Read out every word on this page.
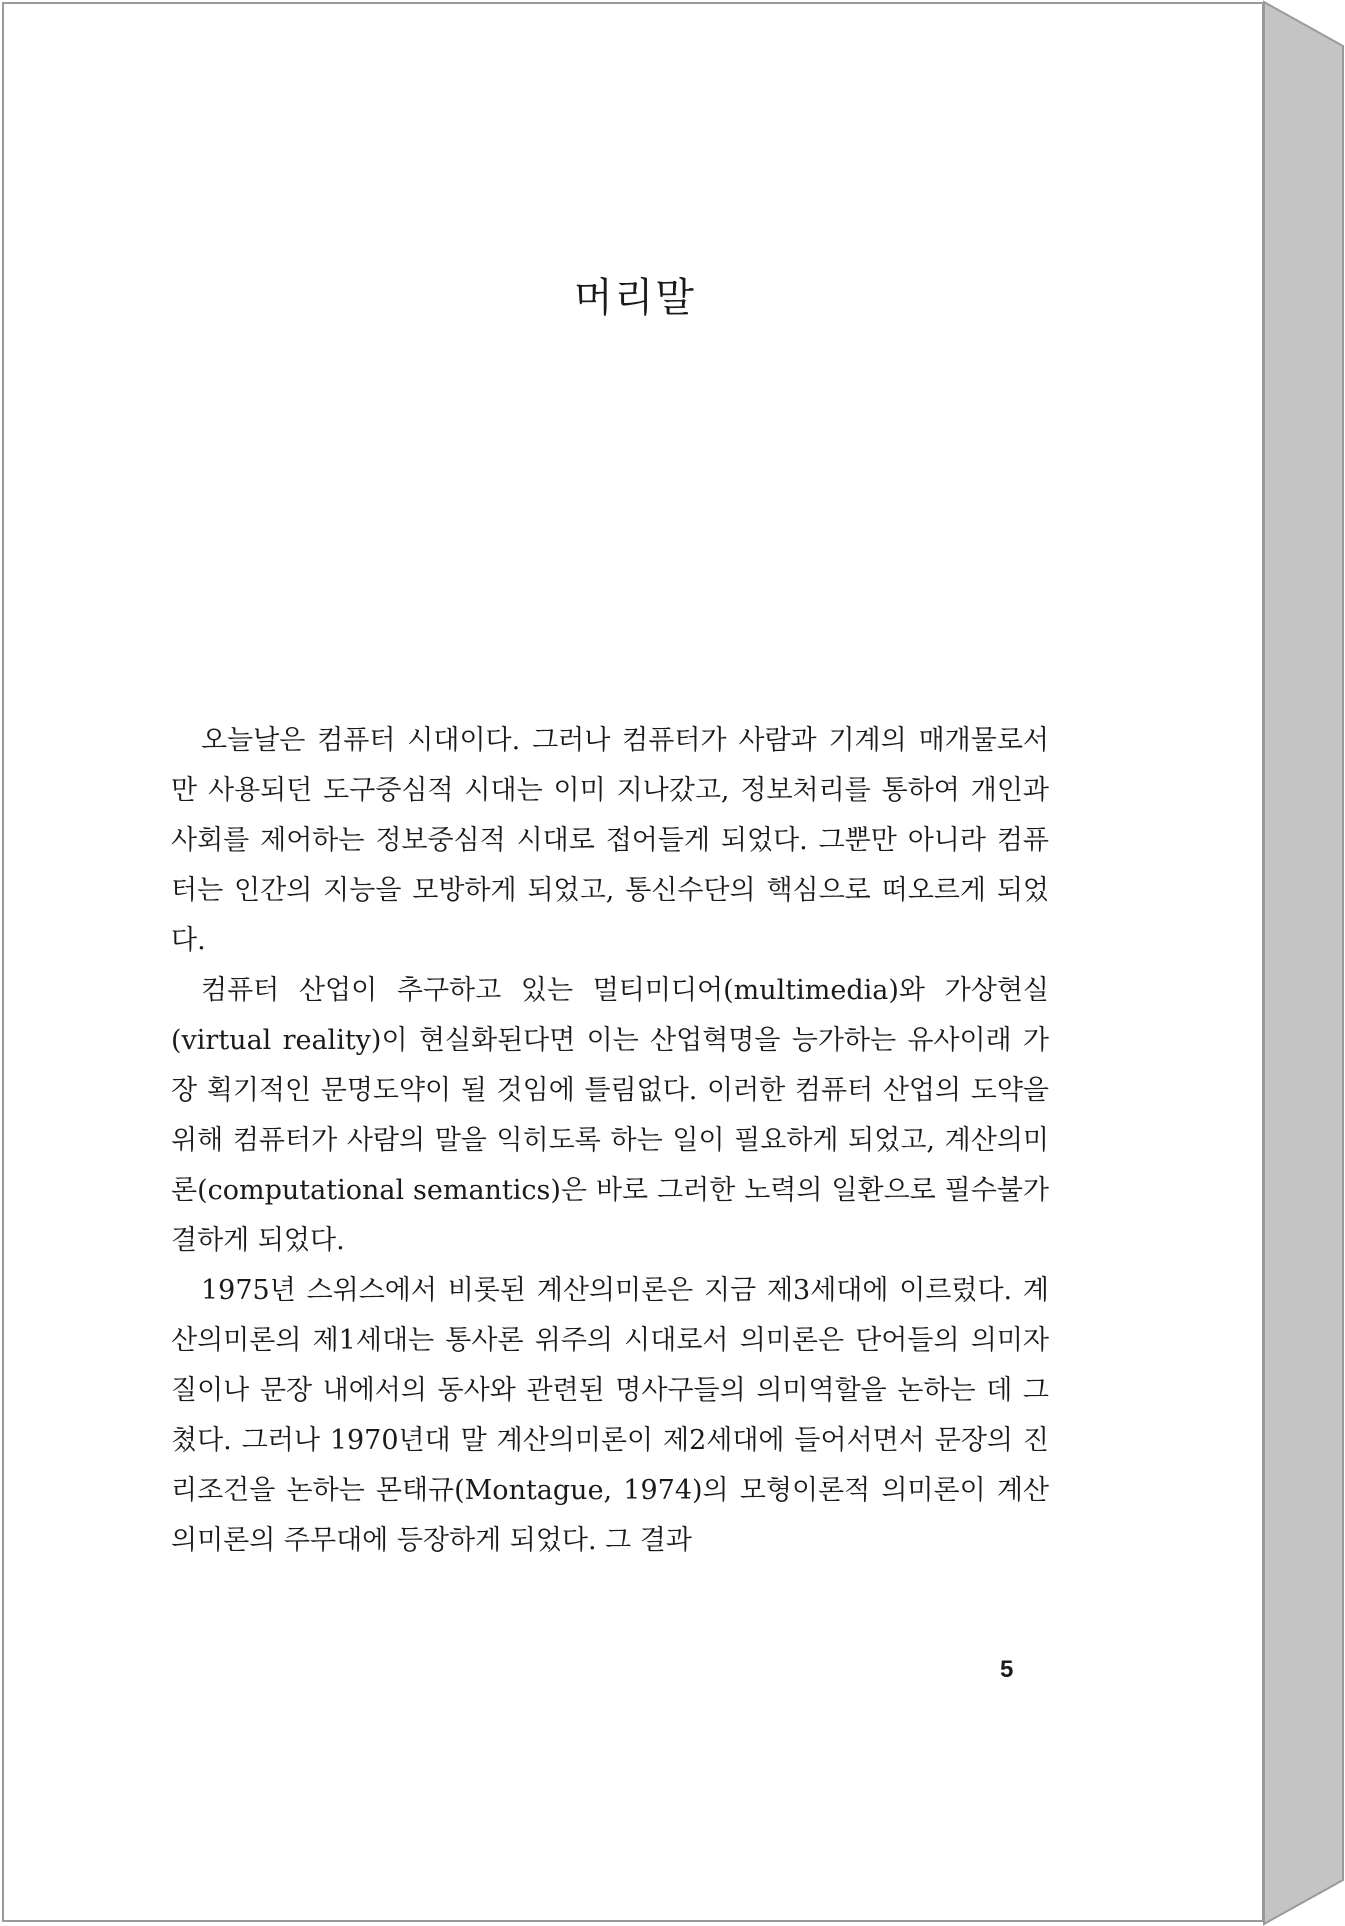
머리말

오늘날은 컴퓨터 시대이다. 그러나 컴퓨터가 사람과 기계의 매개물로서만 사용되던 도구중심적 시대는 이미 지나갔고, 정보처리를 통하여 개인과 사회를 제어하는 정보중심적 시대로 접어들게 되었다. 그뿐만 아니라 컴퓨터는 인간의 지능을 모방하게 되었고, 통신수단의 핵심으로 떠오르게 되었다.

컴퓨터 산업이 추구하고 있는 멀티미디어(multimedia)와 가상현실(virtual reality)이 현실화된다면 이는 산업혁명을 능가하는 유사이래 가장 획기적인 문명도약이 될 것임에 틀림없다. 이러한 컴퓨터 산업의 도약을 위해 컴퓨터가 사람의 말을 익히도록 하는 일이 필요하게 되었고, 계산의미론(computational semantics)은 바로 그러한 노력의 일환으로 필수불가결하게 되었다.

1975년 스위스에서 비롯된 계산의미론은 지금 제3세대에 이르렀다. 계산의미론의 제1세대는 통사론 위주의 시대로서 의미론은 단어들의 의미자질이나 문장 내에서의 동사와 관련된 명사구들의 의미역할을 논하는 데 그쳤다. 그러나 1970년대 말 계산의미론이 제2세대에 들어서면서 문장의 진리조건을 논하는 몬태규(Montague, 1974)의 모형이론적 의미론이 계산의미론의 주무대에 등장하게 되었다. 그 결과

5
